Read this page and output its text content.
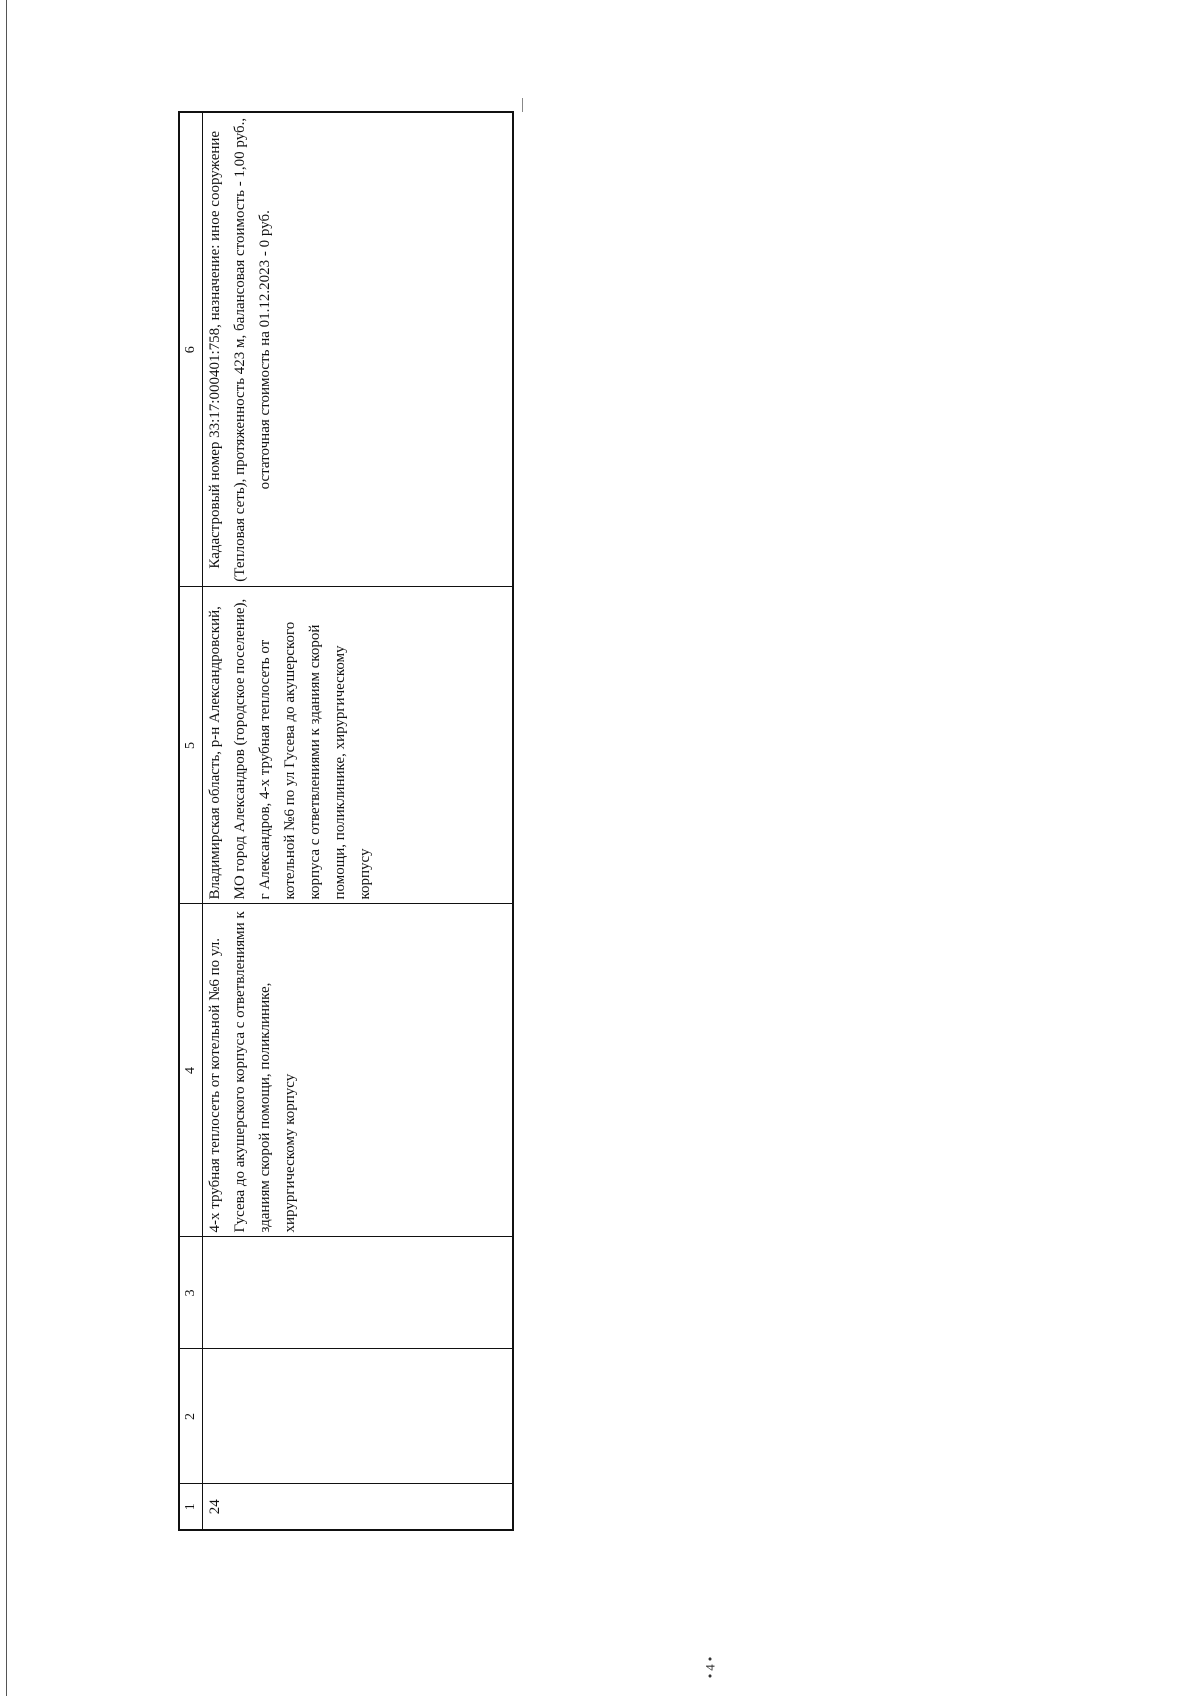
1	2	3	4	5	6
24			4-х трубная теплосеть от котельной №6 по ул. Гусева до акушерского корпуса с ответвлениями к зданиям скорой помощи, поликлинике, хирургическому корпусу	Владимирская область, р-н Александровский, МО город Александров (городское поселение), г Александров, 4-х трубная теплосеть от котельной №6 по ул Гусева до акушерского корпуса с ответвлениями к зданиям скорой помощи, поликлинике, хирургическому корпусу	Кадастровый номер 33:17:000401:758, назначение: иное сооружение (Тепловая сеть), протяженность 423 м, балансовая стоимость - 1,00 руб., остаточная стоимость на 01.12.2023 - 0 руб.
•4•
